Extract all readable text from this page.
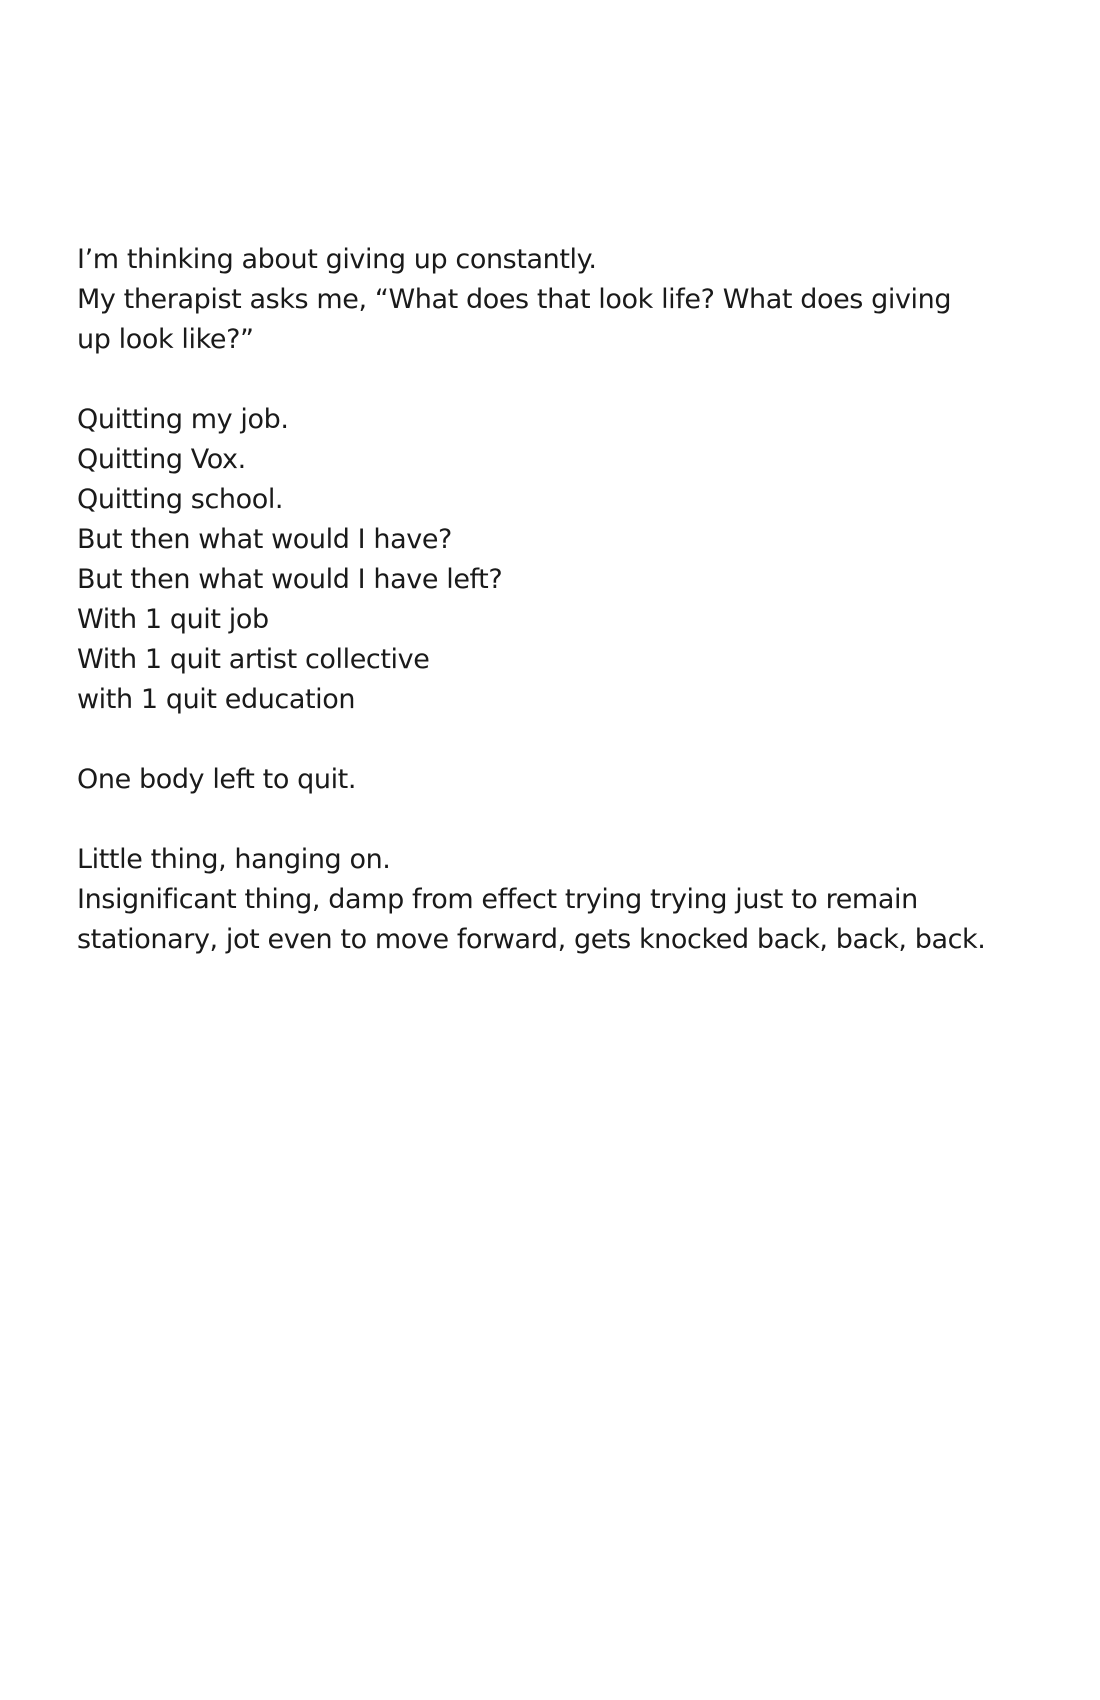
I’m thinking about giving up constantly.
My therapist asks me, “What does that look life? What does giving up look like?”
Quitting my job.
Quitting Vox.
Quitting school.
But then what would I have?
But then what would I have left?
With 1 quit job
With 1 quit artist collective
with 1 quit education
One body left to quit.
Little thing, hanging on.
Insignificant thing, damp from effect trying trying just to remain stationary, jot even to move forward, gets knocked back, back, back.
